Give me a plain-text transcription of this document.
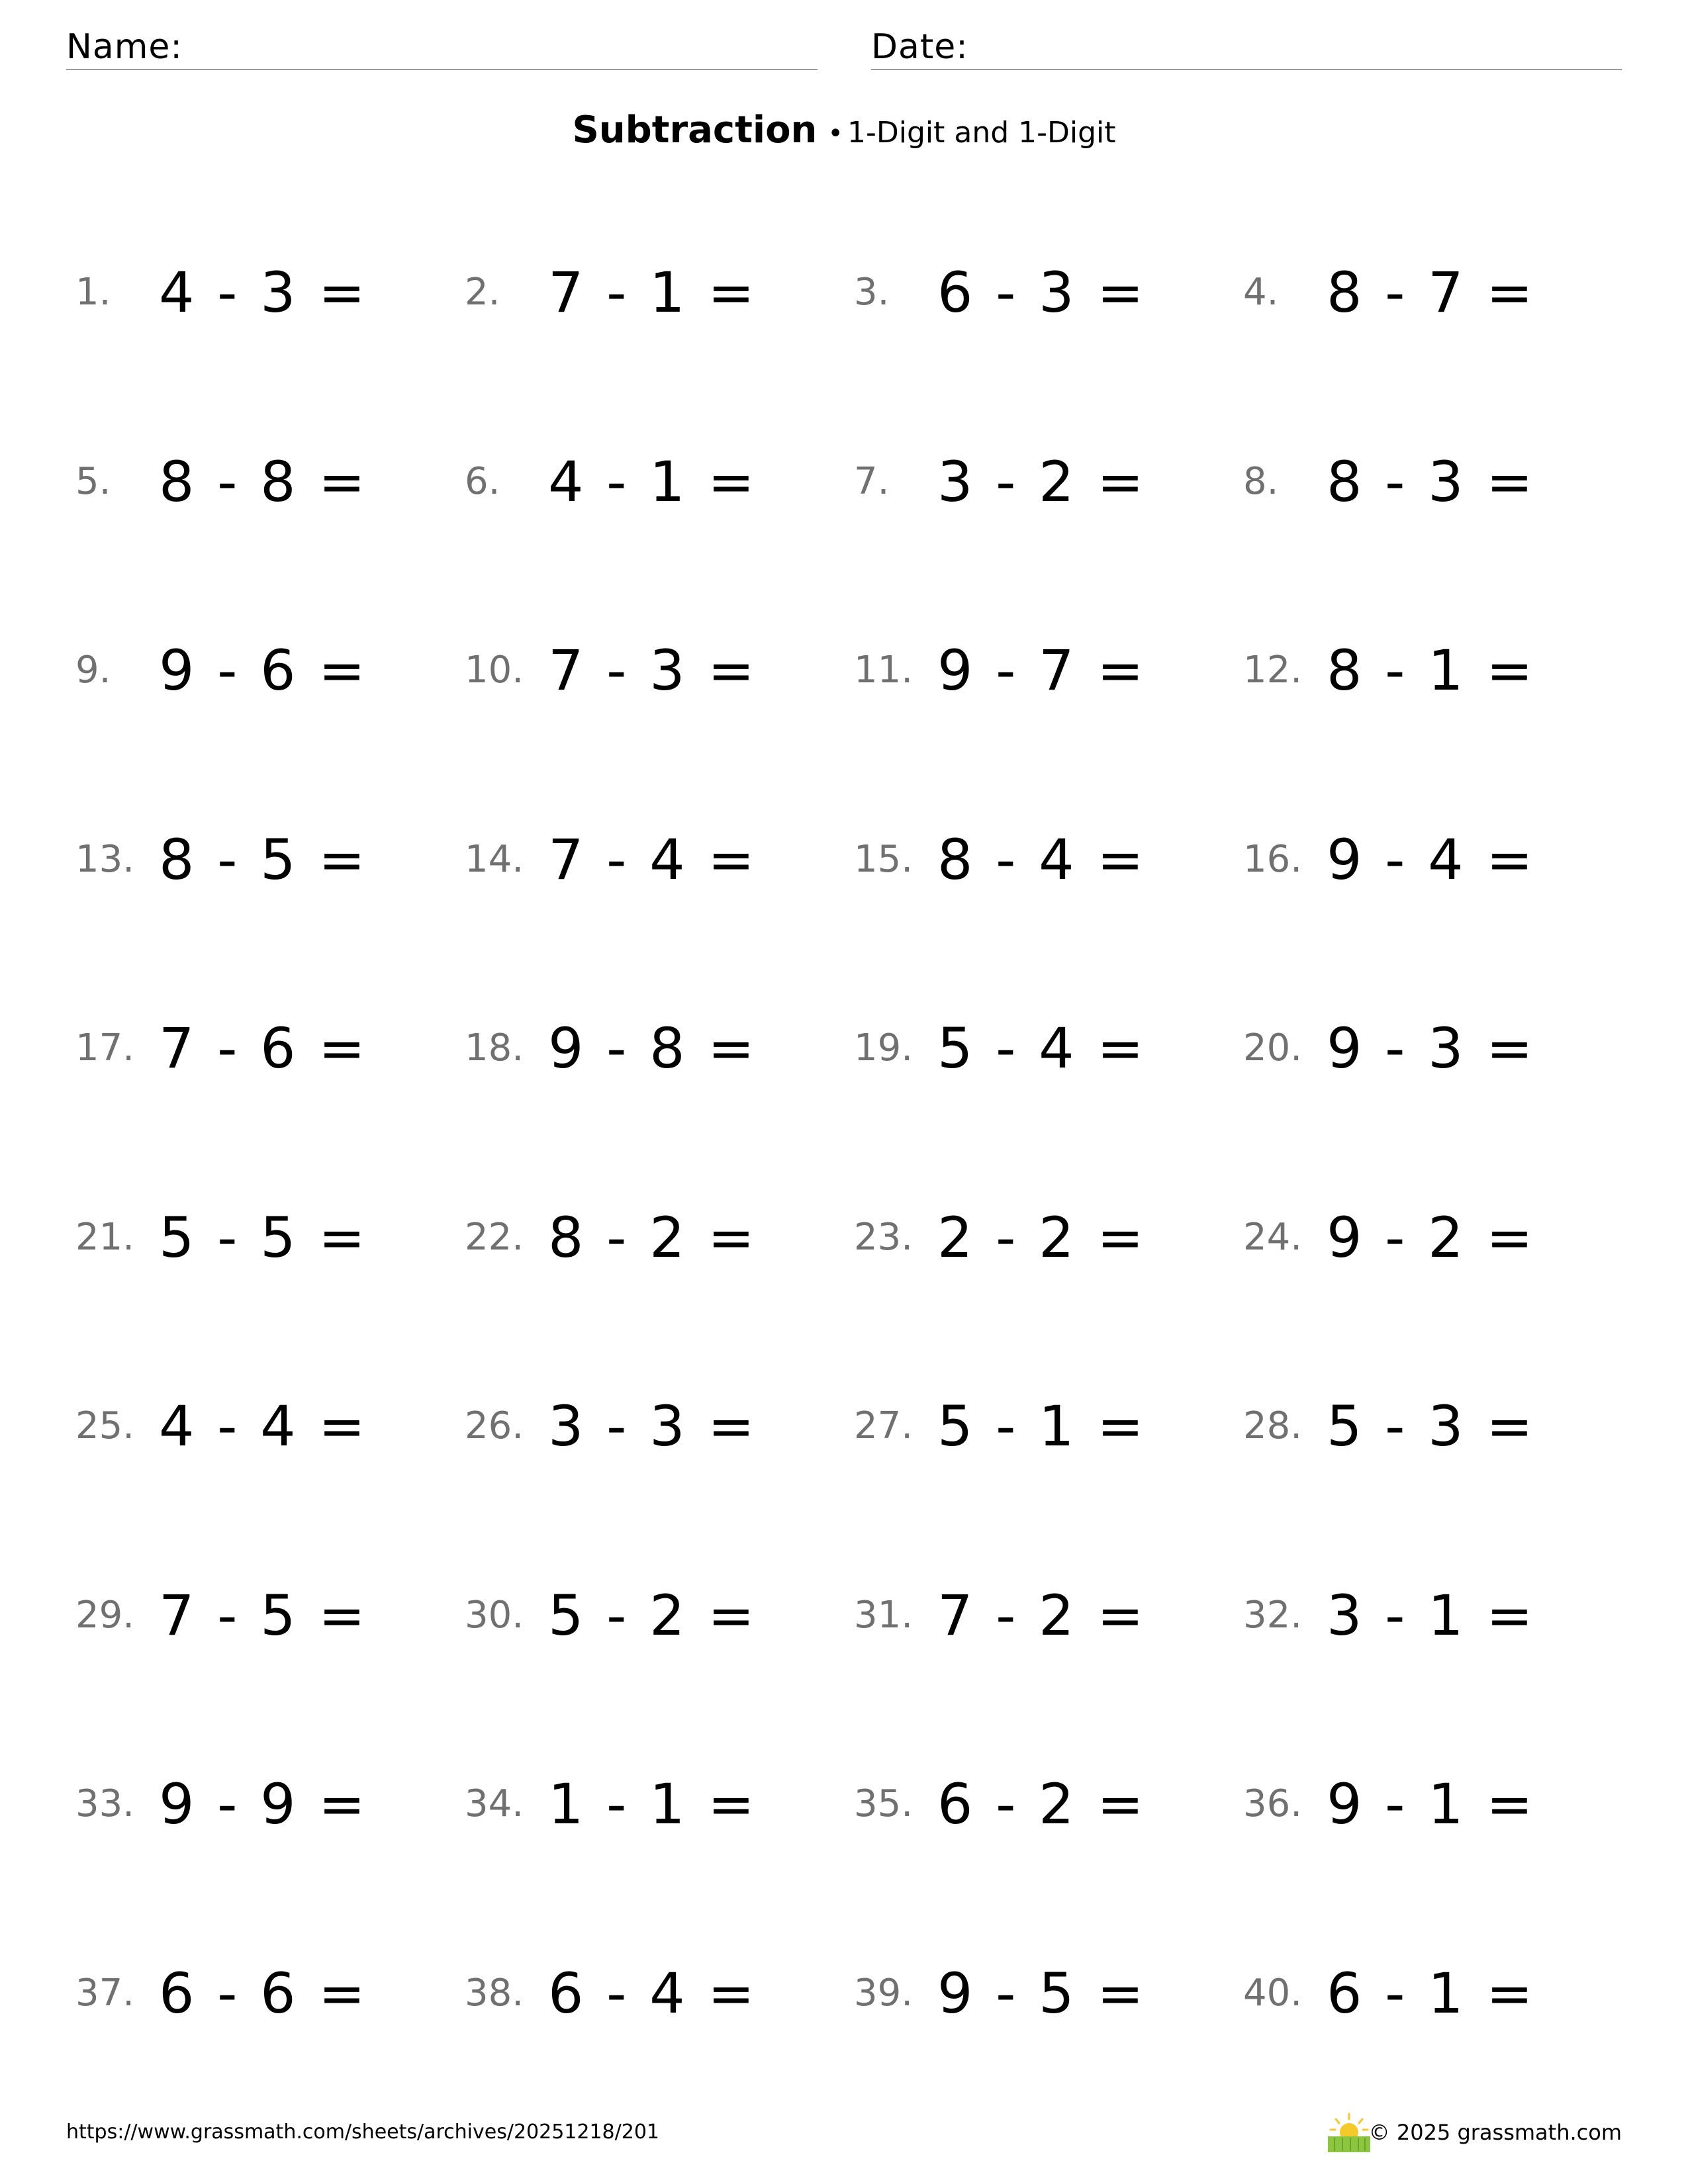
Name:	Date:
Subtraction • 1-Digit and 1-Digit
1. 4 - 3 =	2. 7 - 1 =	3. 6 - 3 =	4. 8 - 7 =
5. 8 - 8 =	6. 4 - 1 =	7. 3 - 2 =	8. 8 - 3 =
9. 9 - 6 =	10. 7 - 3 =	11. 9 - 7 =	12. 8 - 1 =
13. 8 - 5 =	14. 7 - 4 =	15. 8 - 4 =	16. 9 - 4 =
17. 7 - 6 =	18. 9 - 8 =	19. 5 - 4 =	20. 9 - 3 =
21. 5 - 5 =	22. 8 - 2 =	23. 2 - 2 =	24. 9 - 2 =
25. 4 - 4 =	26. 3 - 3 =	27. 5 - 1 =	28. 5 - 3 =
29. 7 - 5 =	30. 5 - 2 =	31. 7 - 2 =	32. 3 - 1 =
33. 9 - 9 =	34. 1 - 1 =	35. 6 - 2 =	36. 9 - 1 =
37. 6 - 6 =	38. 6 - 4 =	39. 9 - 5 =	40. 6 - 1 =
https://www.grassmath.com/sheets/archives/20251218/201	© 2025 grassmath.com
